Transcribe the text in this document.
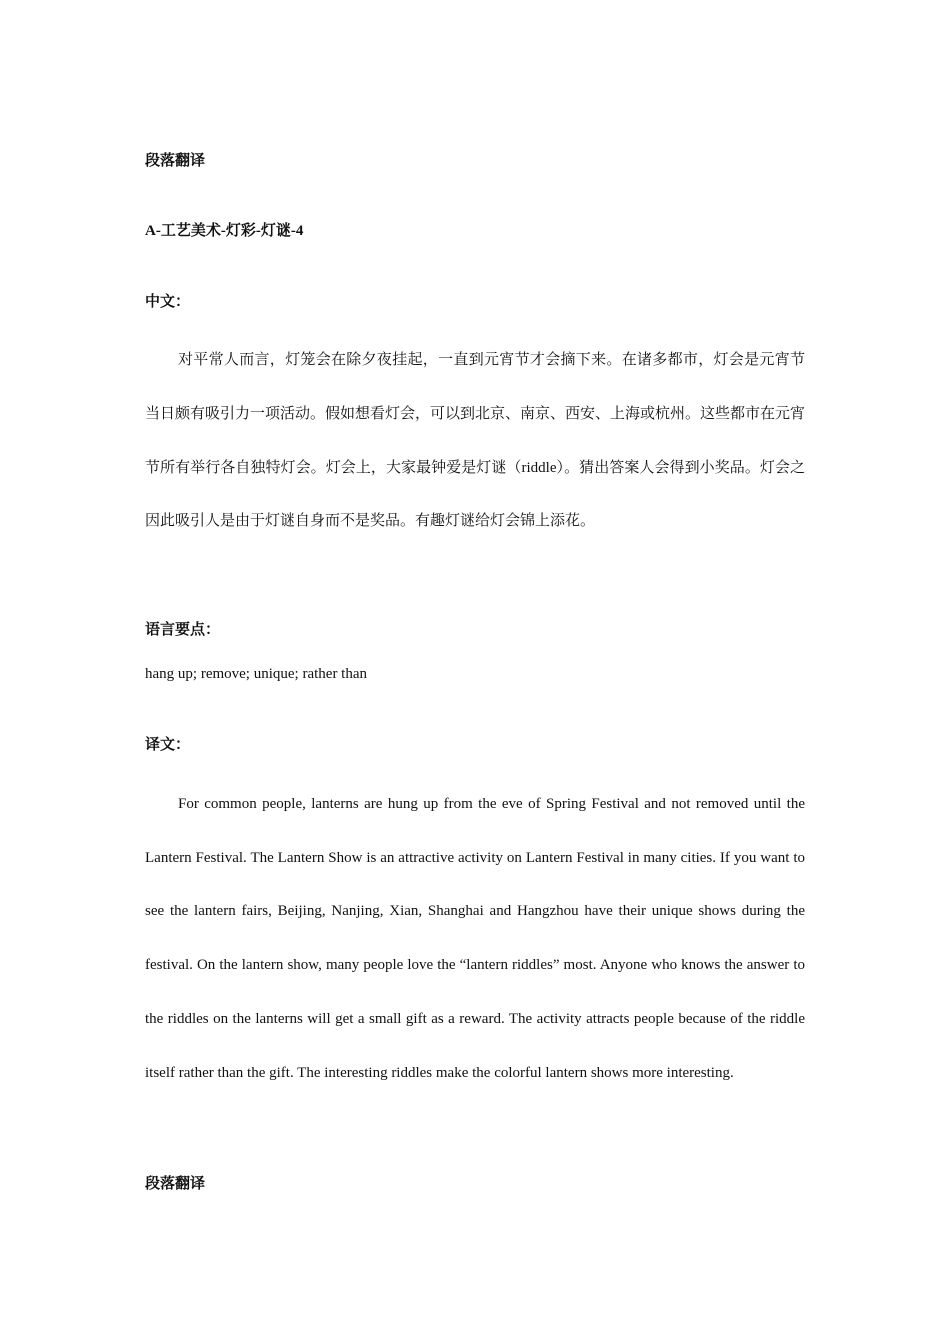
段落翻译
A-工艺美术-灯彩-灯谜-4
中文：

对平常人而言，灯笼会在除夕夜挂起，一直到元宵节才会摘下来。在诸多都市，灯会是元宵节当日颇有吸引力一项活动。假如想看灯会，可以到北京、南京、西安、上海或杭州。这些都市在元宵节所有举行各自独特灯会。灯会上，大家最钟爱是灯谜（riddle）。猜出答案人会得到小奖品。灯会之因此吸引人是由于灯谜自身而不是奖品。有趣灯谜给灯会锦上添花。

语言要点：
hang up; remove; unique; rather than
译文：

For common people, lanterns are hung up from the eve of Spring Festival and not removed until the Lantern Festival. The Lantern Show is an attractive activity on Lantern Festival in many cities. If you want to see the lantern fairs, Beijing, Nanjing, Xian, Shanghai and Hangzhou have their unique shows during the festival. On the lantern show, many people love the “lantern riddles” most. Anyone who knows the answer to the riddles on the lanterns will get a small gift as a reward. The activity attracts people because of the riddle itself rather than the gift. The interesting riddles make the colorful lantern shows more interesting.

段落翻译
